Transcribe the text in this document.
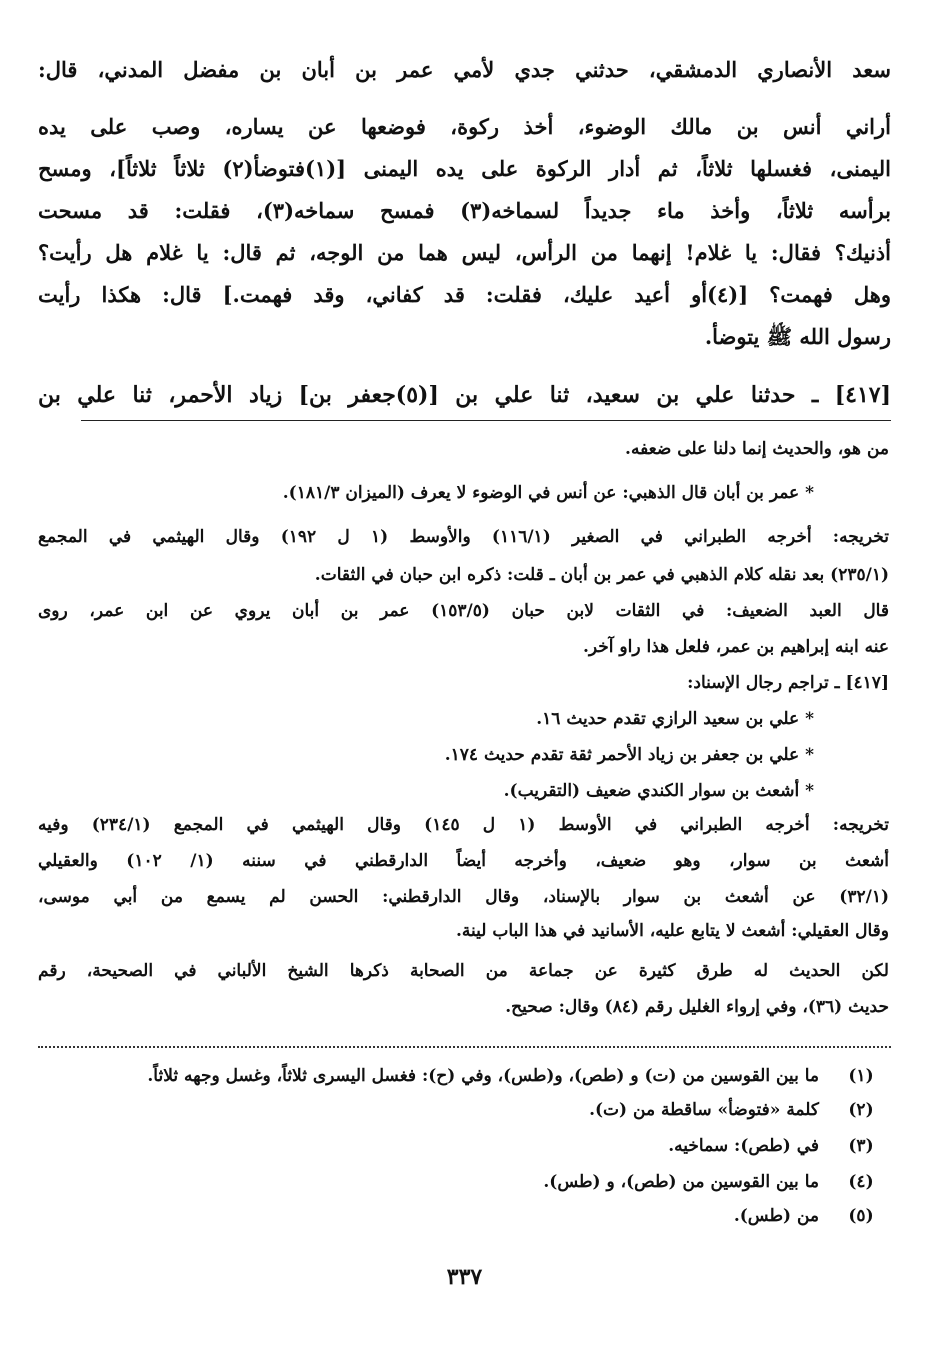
سعد الأنصاري الدمشقي، حدثني جدي لأمي عمر بن أبان بن مفضل المدني، قال:
أراني أنس بن مالك الوضوء، أخذ ركوة، فوضعها عن يساره، وصب على يده
اليمنى، فغسلها ثلاثاً، ثم أدار الركوة على يده اليمنى [(١)فتوضأ(٢) ثلاثاً ثلاثاً]، ومسح
برأسه ثلاثاً، وأخذ ماء جديداً لسماخه(٣) فمسح سماخه(٣)، فقلت: قد مسحت
أذنيك؟ فقال: يا غلام! إنهما من الرأس، ليس هما من الوجه، ثم قال: يا غلام هل رأيت؟
وهل فهمت؟ [(٤)أو أعيد عليك، فقلت: قد كفاني، وقد فهمت.] قال: هكذا رأيت
رسول الله ﷺ يتوضأ.
[٤١٧] ـ حدثنا علي بن سعيد، ثنا علي بن [(٥)جعفر بن] زياد الأحمر، ثنا علي بن
من هو، والحديث إنما دلنا على ضعفه.
* عمر بن أبان قال الذهبي: عن أنس في الوضوء لا يعرف (الميزان ١٨١/٣).
تخريجه: أخرجه الطبراني في الصغير (١١٦/١) والأوسط (١ ل ١٩٢) وقال الهيثمي في المجمع
(٢٣٥/١) بعد نقله كلام الذهبي في عمر بن أبان ـ قلت: ذكره ابن حبان في الثقات.
قال العبد الضعيف: في الثقات لابن حبان (١٥٣/٥) عمر بن أبان يروي عن ابن عمر، روى
عنه ابنه إبراهيم بن عمر، فلعل هذا راو آخر.
[٤١٧] ـ تراجم رجال الإسناد:
* علي بن سعيد الرازي تقدم حديث ١٦.
* علي بن جعفر بن زياد الأحمر ثقة تقدم حديث ١٧٤.
* أشعث بن سوار الكندي ضعيف (التقريب).
تخريجه: أخرجه الطبراني في الأوسط (١ ل ١٤٥) وقال الهيثمي في المجمع (٢٣٤/١) وفيه
أشعث بن سوار، وهو ضعيف، وأخرجه أيضاً الدارقطني في سننه (١/ ١٠٢) والعقيلي
(٣٢/١) عن أشعث بن سوار بالإسناد، وقال الدارقطني: الحسن لم يسمع من أبي موسى،
وقال العقيلي: أشعث لا يتابع عليه، الأسانيد في هذا الباب لينة.
لكن الحديث له طرق كثيرة عن جماعة من الصحابة ذكرها الشيخ الألباني في الصحيحة، رقم
حديث (٣٦)، وفي إرواء الغليل رقم (٨٤) وقال: صحيح.
(١)
ما بين القوسين من (ت) و (طص)، و(طس)، وفي (ح): فغسل اليسرى ثلاثاً، وغسل وجهه ثلاثاً.
(٢)
كلمة «فتوضأ» ساقطة من (ت).
(٣)
في (طص): سماخيه.
(٤)
ما بين القوسين من (طص)، و (طس).
(٥)
من (طس).
٣٣٧
